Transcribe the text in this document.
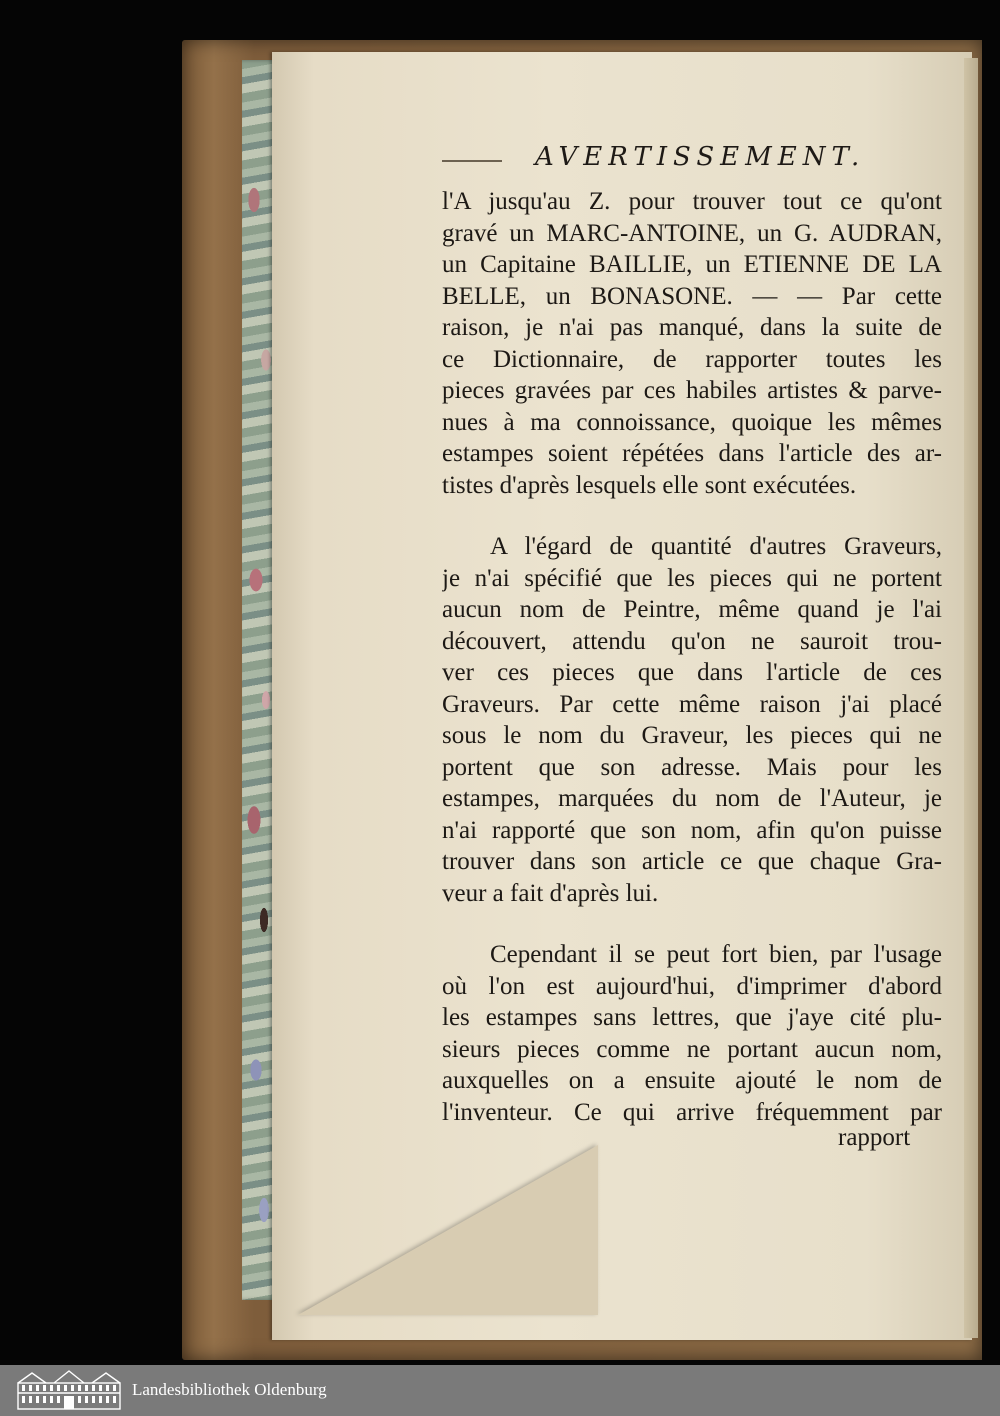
AVERTISSEMENT.

l'A jusqu'au Z. pour trouver tout ce qu'ont
gravé un MARC-ANTOINE, un G. AUDRAN,
un Capitaine BAILLIE, un ETIENNE DE LA
BELLE, un BONASONE. — — Par cette
raison, je n'ai pas manqué, dans la suite de
ce Dictionnaire, de rapporter toutes les
pieces gravées par ces habiles artistes & parve-
nues à ma connoissance, quoique les mêmes
estampes soient répétées dans l'article des ar-
tistes d'après lesquels elle sont exécutées.

A l'égard de quantité d'autres Graveurs,
je n'ai spécifié que les pieces qui ne portent
aucun nom de Peintre, même quand je l'ai
découvert, attendu qu'on ne sauroit trou-
ver ces pieces que dans l'article de ces
Graveurs. Par cette même raison j'ai placé
sous le nom du Graveur, les pieces qui ne
portent que son adresse. Mais pour les
estampes, marquées du nom de l'Auteur, je
n'ai rapporté que son nom, afin qu'on puisse
trouver dans son article ce que chaque Gra-
veur a fait d'après lui.

Cependant il se peut fort bien, par l'usage
où l'on est aujourd'hui, d'imprimer d'abord
les estampes sans lettres, que j'aye cité plu-
sieurs pieces comme ne portant aucun nom,
auxquelles on a ensuite ajouté le nom de
l'inventeur. Ce qui arrive fréquemment par

rapport
Landesbibliothek Oldenburg
